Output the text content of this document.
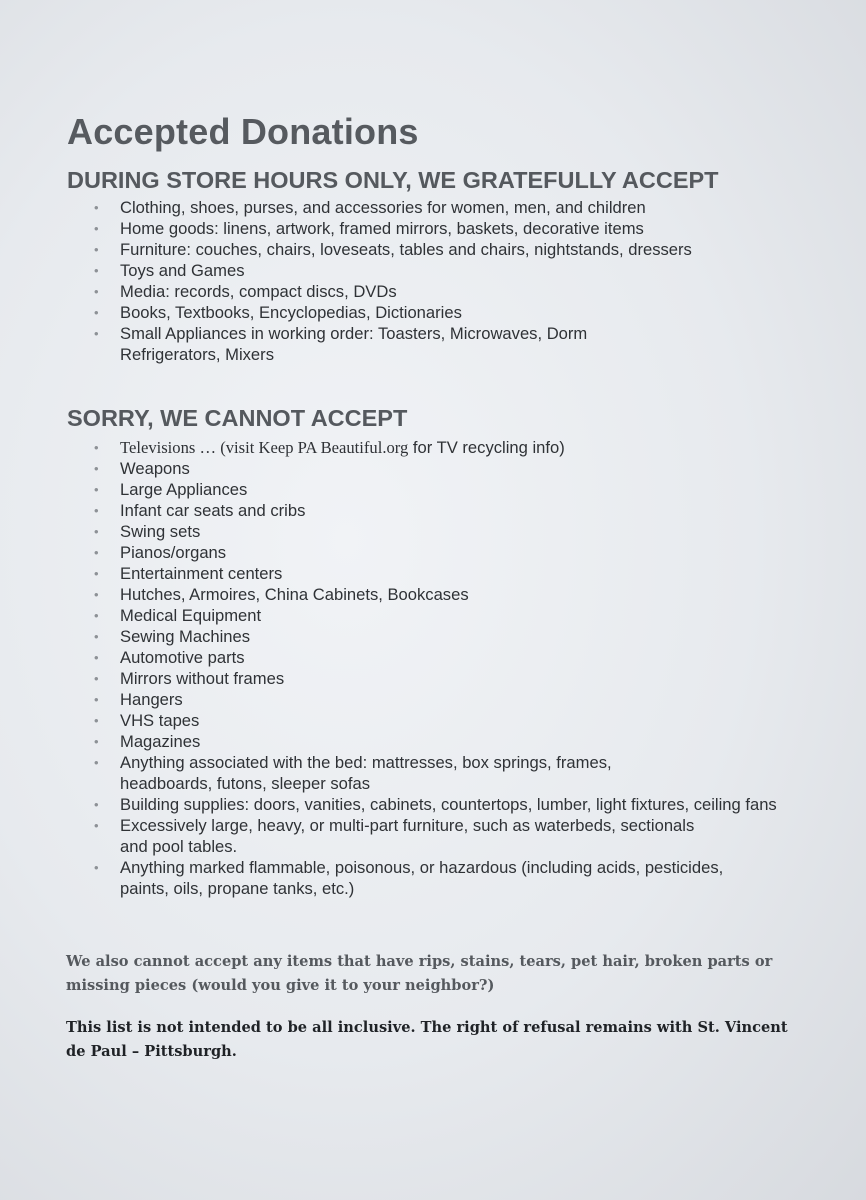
Accepted Donations
DURING STORE HOURS ONLY, WE GRATEFULLY ACCEPT
• Clothing, shoes, purses, and accessories for women, men, and children
• Home goods: linens, artwork, framed mirrors, baskets, decorative items
• Furniture: couches, chairs, loveseats, tables and chairs, nightstands, dressers
• Toys and Games
• Media: records, compact discs, DVDs
• Books, Textbooks, Encyclopedias, Dictionaries
• Small Appliances in working order: Toasters, Microwaves, Dorm Refrigerators, Mixers
SORRY, WE CANNOT ACCEPT
• Televisions … (visit Keep PA Beautiful.org for TV recycling info)
• Weapons
• Large Appliances
• Infant car seats and cribs
• Swing sets
• Pianos/organs
• Entertainment centers
• Hutches, Armoires, China Cabinets, Bookcases
• Medical Equipment
• Sewing Machines
• Automotive parts
• Mirrors without frames
• Hangers
• VHS tapes
• Magazines
• Anything associated with the bed: mattresses, box springs, frames, headboards, futons, sleeper sofas
• Building supplies: doors, vanities, cabinets, countertops, lumber, light fixtures, ceiling fans
• Excessively large, heavy, or multi-part furniture, such as waterbeds, sectionals and pool tables.
• Anything marked flammable, poisonous, or hazardous (including acids, pesticides, paints, oils, propane tanks, etc.)

We also cannot accept any items that have rips, stains, tears, pet hair, broken parts or missing pieces (would you give it to your neighbor?)

This list is not intended to be all inclusive. The right of refusal remains with St. Vincent de Paul – Pittsburgh.
